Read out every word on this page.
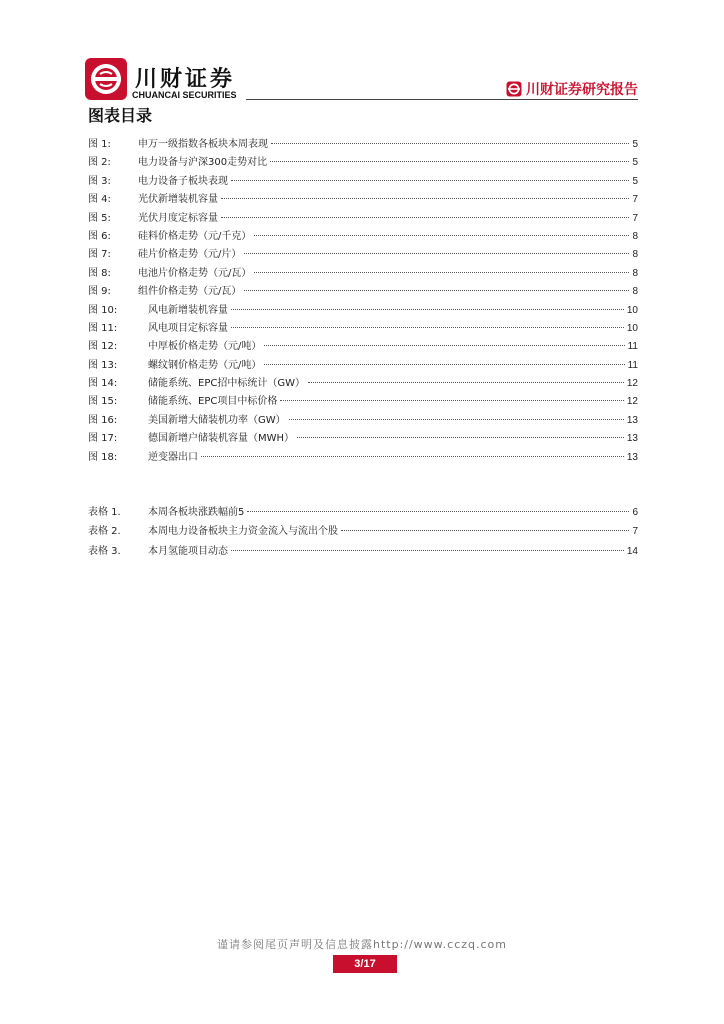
川财证券
CHUANCAI SECURITIES	川财证券研究报告
图表目录
图 1:	申万一级指数各板块本周表现	5
图 2:	电力设备与沪深300走势对比	5
图 3:	电力设备子板块表现	5
图 4:	光伏新增装机容量	7
图 5:	光伏月度定标容量	7
图 6:	硅料价格走势（元/千克）	8
图 7:	硅片价格走势（元/片）	8
图 8:	电池片价格走势（元/瓦）	8
图 9:	组件价格走势（元/瓦）	8
图 10:	风电新增装机容量	10
图 11:	风电项目定标容量	10
图 12:	中厚板价格走势（元/吨）	11
图 13:	螺纹钢价格走势（元/吨）	11
图 14:	储能系统、EPC招中标统计（GW）	12
图 15:	储能系统、EPC项目中标价格	12
图 16:	美国新增大储装机功率（GW）	13
图 17:	德国新增户储装机容量（MWH）	13
图 18:	逆变器出口	13
表格 1.	本周各板块涨跌幅前5	6
表格 2.	本周电力设备板块主力资金流入与流出个股	7
表格 3.	本月氢能项目动态	14
谨请参阅尾页声明及信息披露http://www.cczq.com
3/17
